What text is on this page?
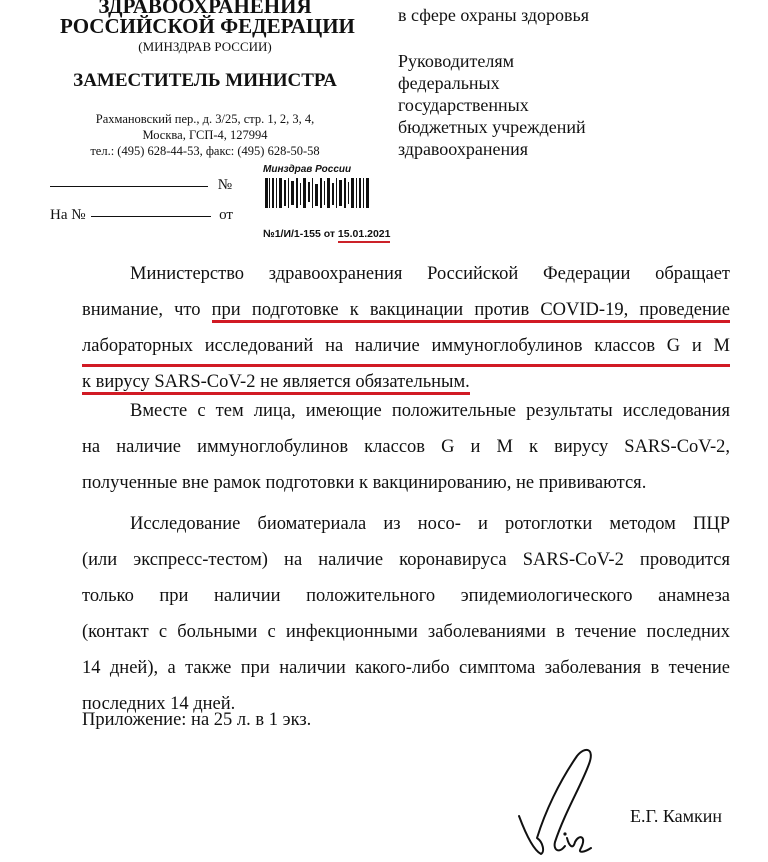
ЗДРАВООХРАНЕНИЯ
РОССИЙСКОЙ ФЕДЕРАЦИИ
(МИНЗДРАВ РОССИИ)
ЗАМЕСТИТЕЛЬ МИНИСТРА
Рахмановский пер., д. 3/25, стр. 1, 2, 3, 4,
Москва, ГСП-4, 127994
тел.: (495) 628-44-53, факс: (495) 628-50-58
в сфере охраны здоровья
Руководителям
федеральных
государственных
бюджетных учреждений
здравоохранения
№
На №	от
Минздрав России
№1/И/1-155 от 15.01.2021
Министерство здравоохранения Российской Федерации обращает
внимание, что при подготовке к вакцинации против COVID-19, проведение
лабораторных исследований на наличие иммуноглобулинов классов G и М
к вирусу SARS-CoV-2 не является обязательным.
Вместе с тем лица, имеющие положительные результаты исследования
на наличие иммуноглобулинов классов G и М к вирусу SARS-CoV-2,
полученные вне рамок подготовки к вакцинированию, не прививаются.
Исследование биоматериала из носо- и ротоглотки методом ПЦР
(или экспресс-тестом) на наличие коронавируса SARS-CoV-2 проводится
только при наличии положительного эпидемиологического анамнеза
(контакт с больными с инфекционными заболеваниями в течение последних
14 дней), а также при наличии какого-либо симптома заболевания в течение
последних 14 дней.
Приложение: на 25 л. в 1 экз.
Е.Г. Камкин
